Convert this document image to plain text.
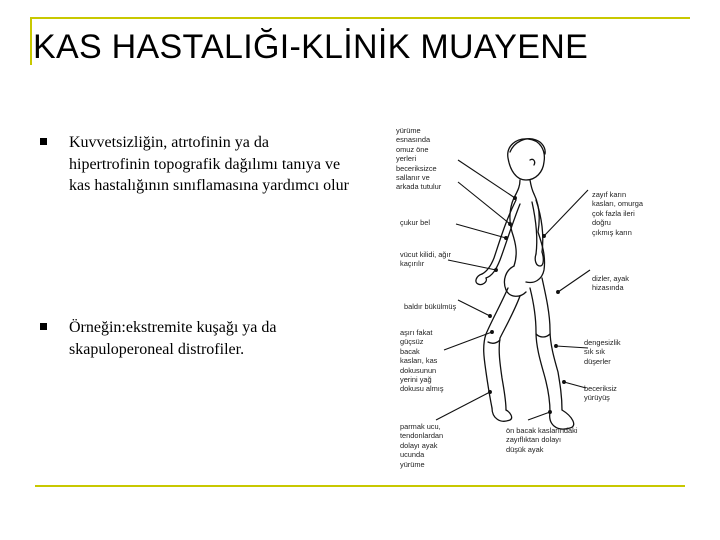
KAS HASTALIĞI-KLİNİK MUAYENE
Kuvvetsizliğin, atrtofinin ya da hipertrofinin topografik dağılımı tanıya ve kas hastalığının sınıflamasına yardımcı olur
Örneğin:ekstremite kuşağı ya da skapuloperoneal distrofiler.
yürüme
esnasında
omuz öne
yerleri
beceriksizce
sallanır ve
arkada tutulur
çukur bel
vücut kilidi, ağır
kaçırılır
baldır bükülmüş
aşırı fakat
güçsüz
bacak
kasları, kas
dokusunun
yerini yağ
dokusu almış
parmak ucu,
tendonlardan
dolayı ayak
ucunda
yürüme
zayıf karın
kasları, omurga
çok fazla ileri
doğru
çıkmış karın
dizler, ayak
hizasında
dengesizlik
sık sık
düşerler
beceriksiz
yürüyüş
ön bacak kaslarındaki
zayıflıktan dolayı
düşük ayak
